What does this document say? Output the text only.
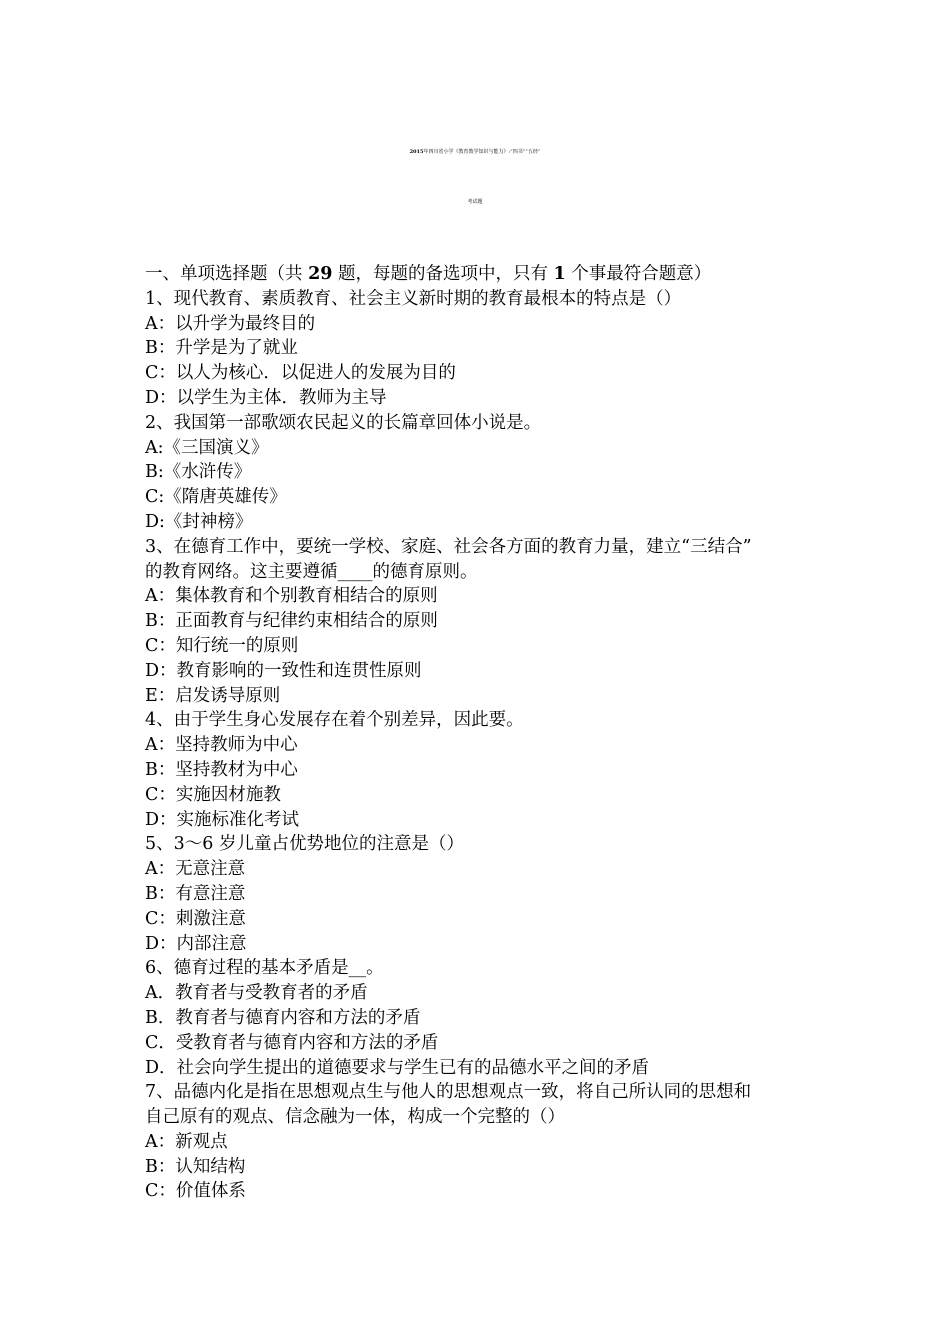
2015年四川省小学《教育教学知识与能力》:“四书”“五经”
考试题
一、单项选择题（共 29 题，每题的备选项中，只有 1 个事最符合题意）
1、现代教育、素质教育、社会主义新时期的教育最根本的特点是（）
A：以升学为最终目的
B：升学是为了就业
C：以人为核心．以促进人的发展为目的
D：以学生为主体．教师为主导
2、我国第一部歌颂农民起义的长篇章回体小说是。
A:《三国演义》
B:《水浒传》
C:《隋唐英雄传》
D:《封神榜》
3、在德育工作中，要统一学校、家庭、社会各方面的教育力量，建立“三结合”
的教育网络。这主要遵循____的德育原则。
A：集体教育和个别教育相结合的原则
B：正面教育与纪律约束相结合的原则
C：知行统一的原则
D：教育影响的一致性和连贯性原则
E：启发诱导原则
4、由于学生身心发展存在着个别差异，因此要。
A：坚持教师为中心
B：坚持教材为中心
C：实施因材施教
D：实施标准化考试
5、3～6 岁儿童占优势地位的注意是（）
A：无意注意
B：有意注意
C：刺激注意
D：内部注意
6、德育过程的基本矛盾是__。
A．教育者与受教育者的矛盾
B．教育者与德育内容和方法的矛盾
C．受教育者与德育内容和方法的矛盾
D．社会向学生提出的道德要求与学生已有的品德水平之间的矛盾
7、品德内化是指在思想观点生与他人的思想观点一致，将自己所认同的思想和
自己原有的观点、信念融为一体，构成一个完整的（）
A：新观点
B：认知结构
C：价值体系
